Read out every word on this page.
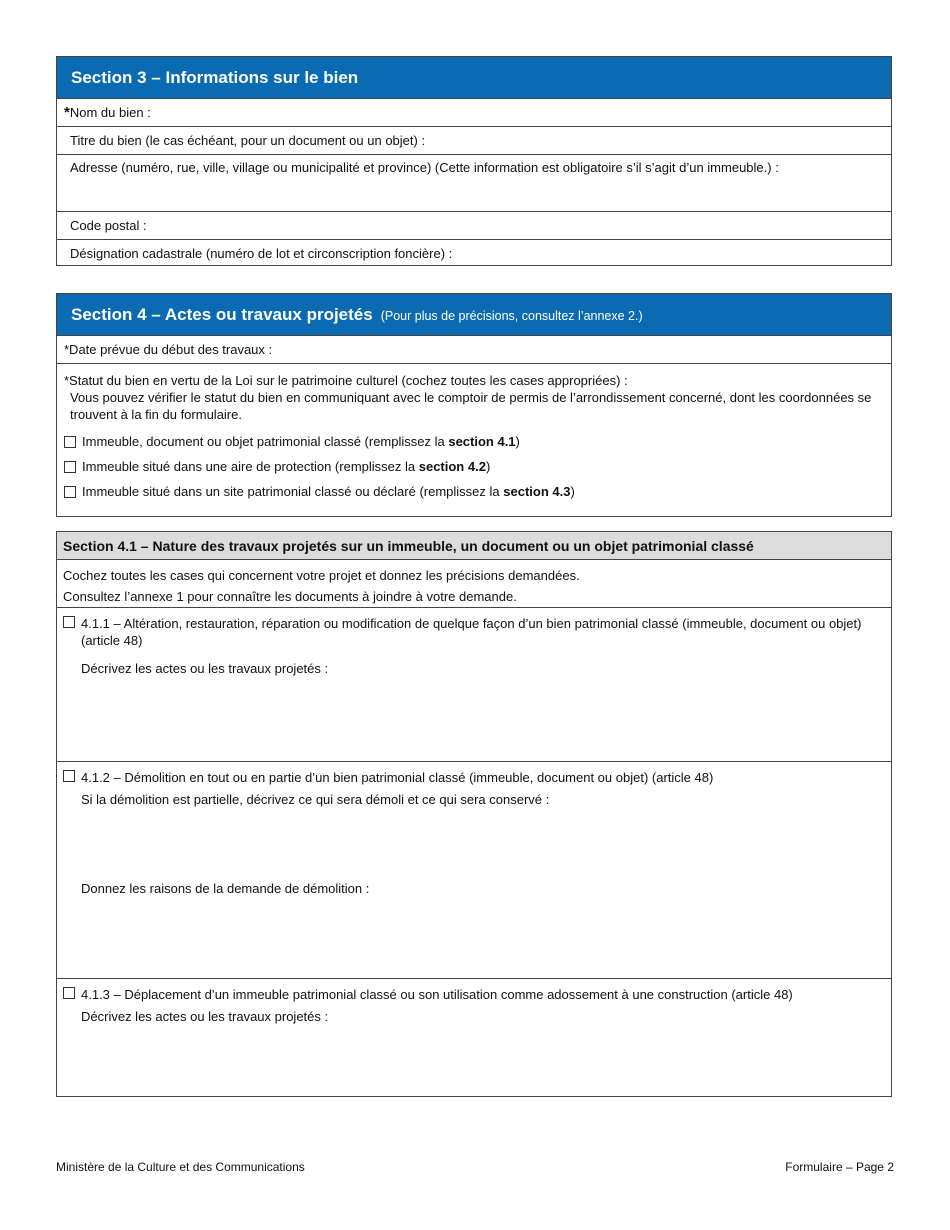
Section 3 – Informations sur le bien
* Nom du bien :
Titre du bien (le cas échéant, pour un document ou un objet) :
Adresse (numéro, rue, ville, village ou municipalité et province) (Cette information est obligatoire s’il s’agit d’un immeuble.) :
Code postal :
Désignation cadastrale (numéro de lot et circonscription foncière) :
Section 4 – Actes ou travaux projetés (Pour plus de précisions, consultez l’annexe 2.)
*Date prévue du début des travaux :
*Statut du bien en vertu de la Loi sur le patrimoine culturel (cochez toutes les cases appropriées) :
Vous pouvez vérifier le statut du bien en communiquant avec le comptoir de permis de l’arrondissement concerné, dont les coordonnées se trouvent à la fin du formulaire.
Immeuble, document ou objet patrimonial classé (remplissez la section 4.1)
Immeuble situé dans une aire de protection (remplissez la section 4.2)
Immeuble situé dans un site patrimonial classé ou déclaré (remplissez la section 4.3)
Section 4.1 – Nature des travaux projetés sur un immeuble, un document ou un objet patrimonial classé
Cochez toutes les cases qui concernent votre projet et donnez les précisions demandées.
Consultez l’annexe 1 pour connaître les documents à joindre à votre demande.
4.1.1 – Altération, restauration, réparation ou modification de quelque façon d’un bien patrimonial classé (immeuble, document ou objet) (article 48)
Décrivez les actes ou les travaux projetés :
4.1.2 – Démolition en tout ou en partie d’un bien patrimonial classé (immeuble, document ou objet) (article 48)
Si la démolition est partielle, décrivez ce qui sera démoli et ce qui sera conservé :
Donnez les raisons de la demande de démolition :
4.1.3 – Déplacement d’un immeuble patrimonial classé ou son utilisation comme adossement à une construction (article 48)
Décrivez les actes ou les travaux projetés :
Ministère de la Culture et des Communications	Formulaire – Page 2
